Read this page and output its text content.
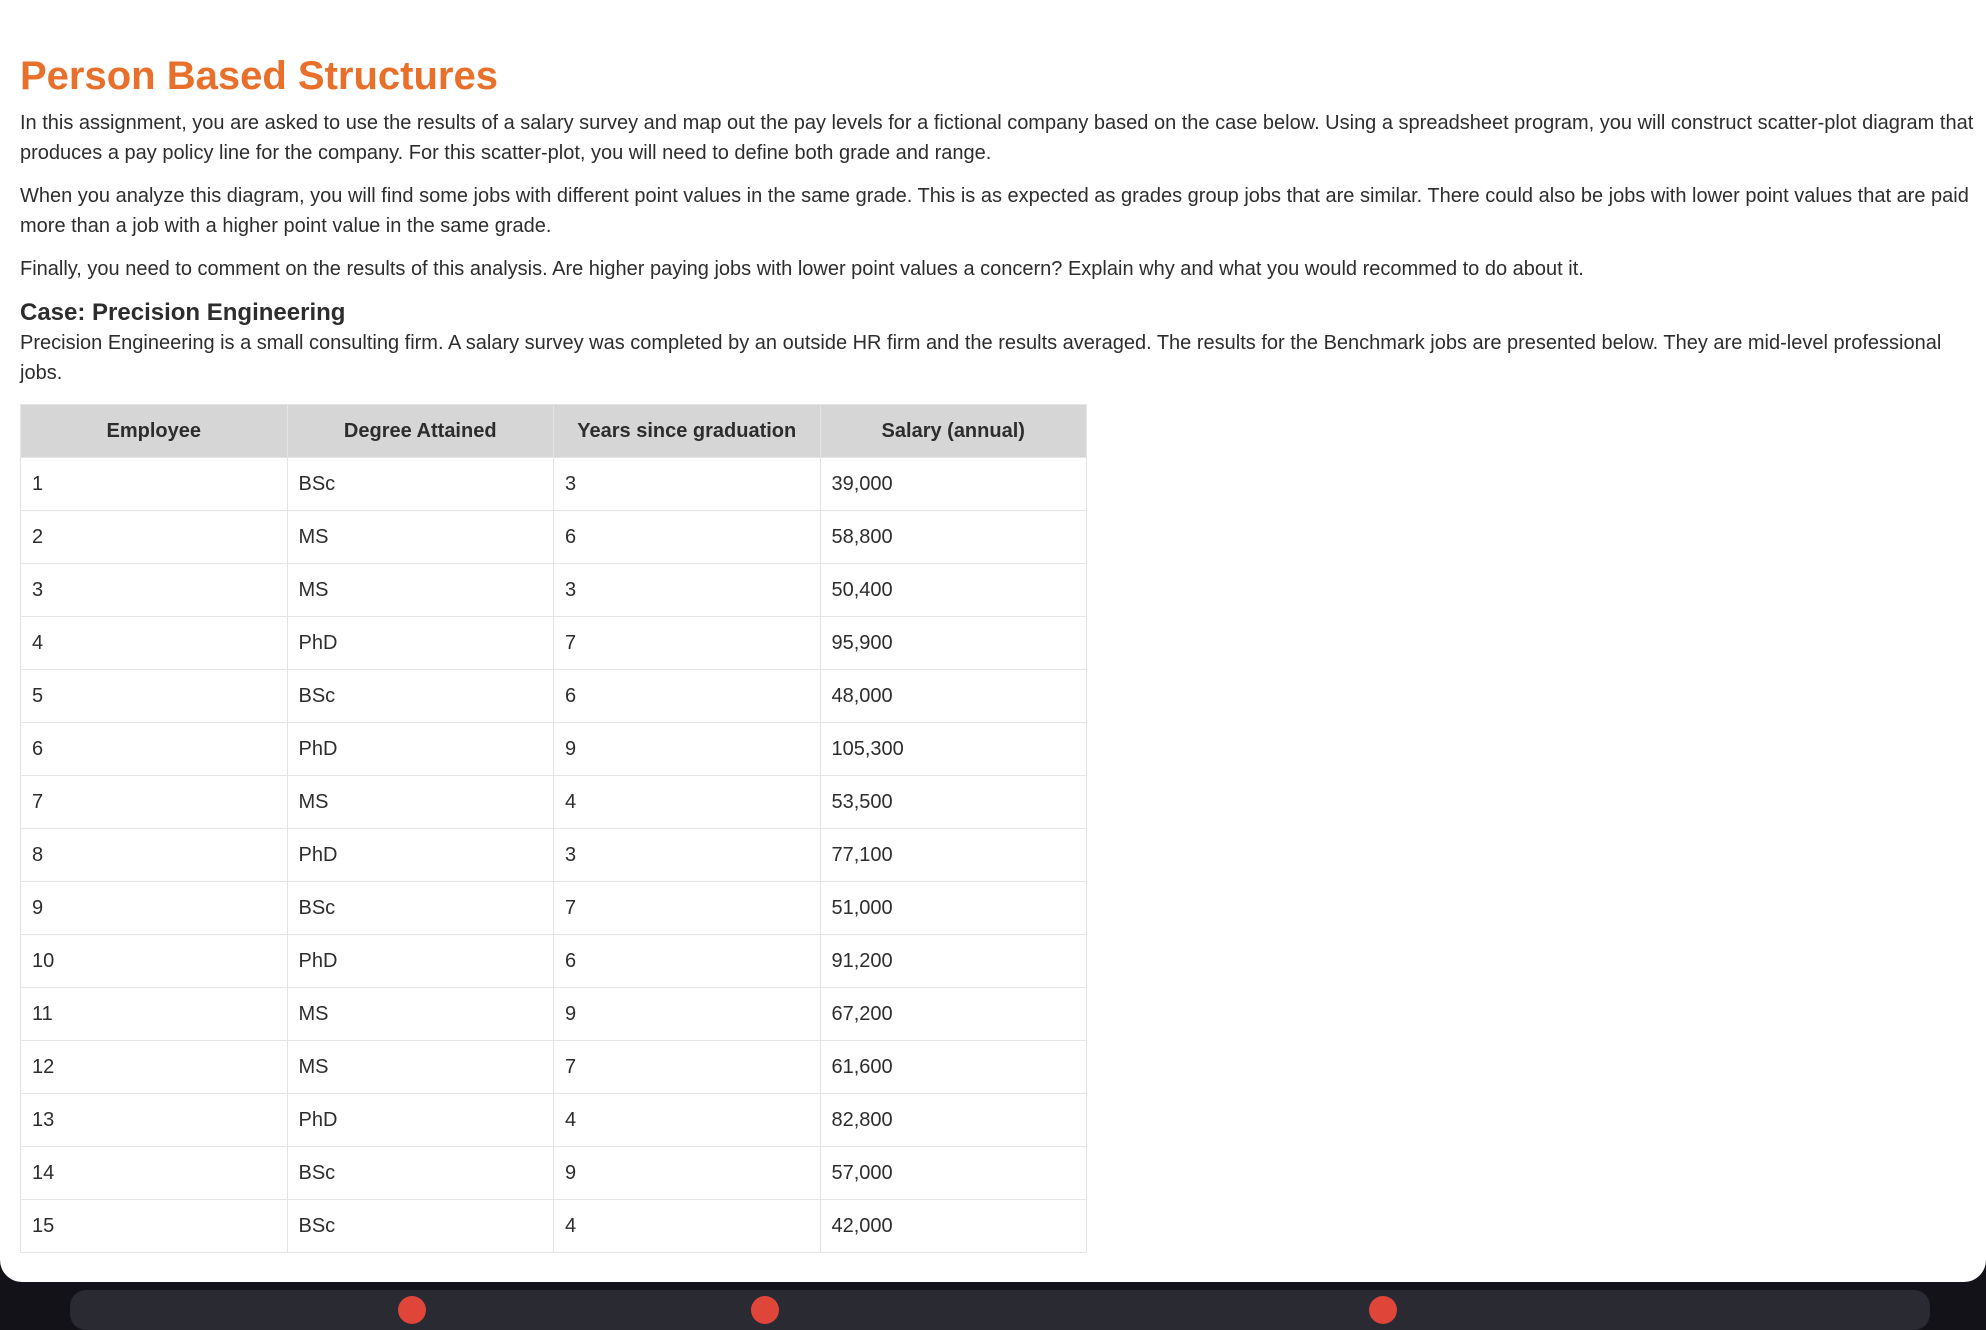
Person Based Structures

In this assignment, you are asked to use the results of a salary survey and map out the pay levels for a fictional company based on the case below. Using a spreadsheet program, you will construct scatter-plot diagram that produces a pay policy line for the company. For this scatter-plot, you will need to define both grade and range.

When you analyze this diagram, you will find some jobs with different point values in the same grade. This is as expected as grades group jobs that are similar. There could also be jobs with lower point values that are paid more than a job with a higher point value in the same grade.

Finally, you need to comment on the results of this analysis. Are higher paying jobs with lower point values a concern? Explain why and what you would recommed to do about it.

Case: Precision Engineering

Precision Engineering is a small consulting firm. A salary survey was completed by an outside HR firm and the results averaged. The results for the Benchmark jobs are presented below. They are mid-level professional jobs.

Employee	Degree Attained	Years since graduation	Salary (annual)
1	BSc	3	39,000
2	MS	6	58,800
3	MS	3	50,400
4	PhD	7	95,900
5	BSc	6	48,000
6	PhD	9	105,300
7	MS	4	53,500
8	PhD	3	77,100
9	BSc	7	51,000
10	PhD	6	91,200
11	MS	9	67,200
12	MS	7	61,600
13	PhD	4	82,800
14	BSc	9	57,000
15	BSc	4	42,000
